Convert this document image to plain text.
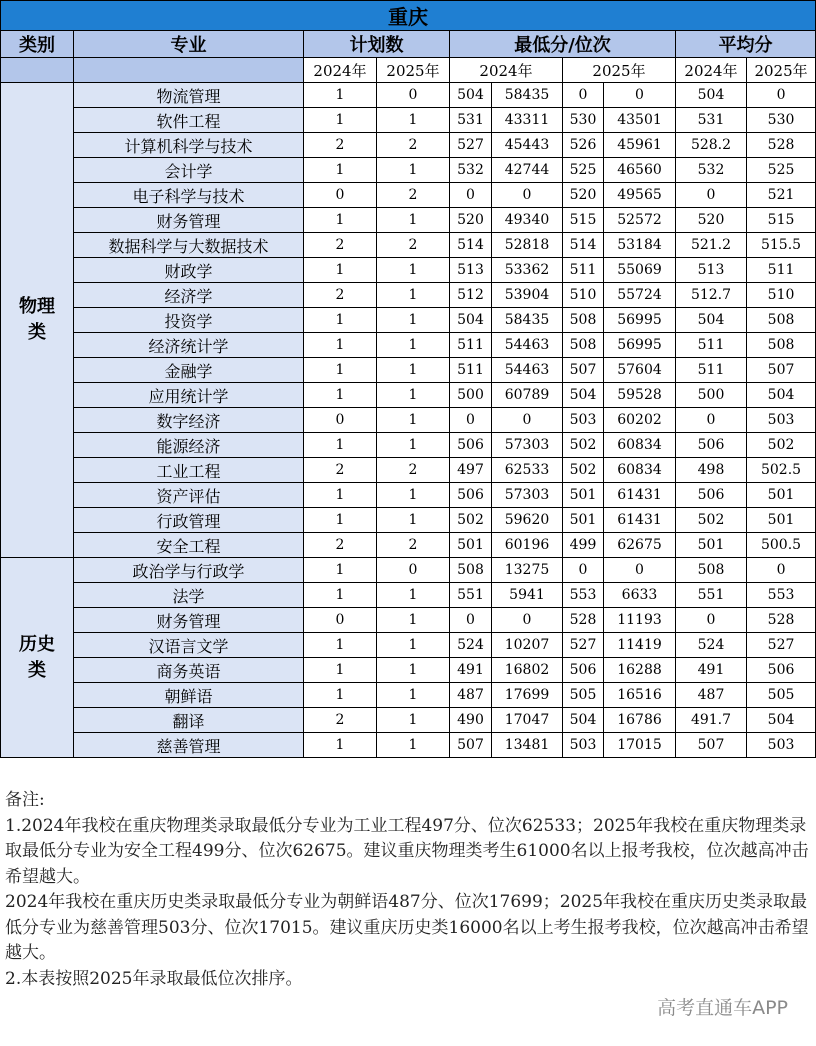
重庆									
类别	专业	计划数		最低分/位次				平均分	
		2024年	2025年	2024年		2025年		2024年	2025年
物理
类	物流管理	1	0	504	58435	0	0	504	0
	软件工程	1	1	531	43311	530	43501	531	530
	计算机科学与技术	2	2	527	45443	526	45961	528.2	528
	会计学	1	1	532	42744	525	46560	532	525
	电子科学与技术	0	2	0	0	520	49565	0	521
	财务管理	1	1	520	49340	515	52572	520	515
	数据科学与大数据技术	2	2	514	52818	514	53184	521.2	515.5
	财政学	1	1	513	53362	511	55069	513	511
	经济学	2	1	512	53904	510	55724	512.7	510
	投资学	1	1	504	58435	508	56995	504	508
	经济统计学	1	1	511	54463	508	56995	511	508
	金融学	1	1	511	54463	507	57604	511	507
	应用统计学	1	1	500	60789	504	59528	500	504
	数字经济	0	1	0	0	503	60202	0	503
	能源经济	1	1	506	57303	502	60834	506	502
	工业工程	2	2	497	62533	502	60834	498	502.5
	资产评估	1	1	506	57303	501	61431	506	501
	行政管理	1	1	502	59620	501	61431	502	501
	安全工程	2	2	501	60196	499	62675	501	500.5
历史
类	政治学与行政学	1	0	508	13275	0	0	508	0
	法学	1	1	551	5941	553	6633	551	553
	财务管理	0	1	0	0	528	11193	0	528
	汉语言文学	1	1	524	10207	527	11419	524	527
	商务英语	1	1	491	16802	506	16288	491	506
	朝鲜语	1	1	487	17699	505	16516	487	505
	翻译	2	1	490	17047	504	16786	491.7	504
	慈善管理	1	1	507	13481	503	17015	507	503

备注:

1.2024年我校在重庆物理类录取最低分专业为工业工程497分、位次62533；2025年我校在重庆物理类录取最低分专业为安全工程499分、位次62675。建议重庆物理类考生61000名以上报考我校，位次越高冲击希望越大。

2024年我校在重庆历史类录取最低分专业为朝鲜语487分、位次17699；2025年我校在重庆历史类录取最低分专业为慈善管理503分、位次17015。建议重庆历史类16000名以上考生报考我校，位次越高冲击希望越大。

2.本表按照2025年录取最低位次排序。

高考直通车APP
